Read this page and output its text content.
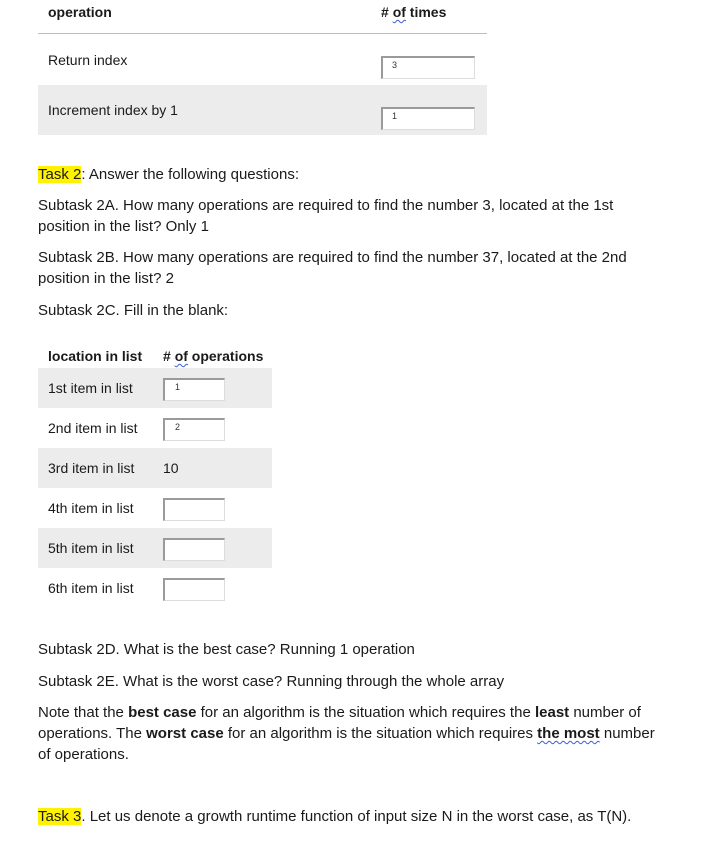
operation	# of times
Return index	3
Increment index by 1	1
Task 2: Answer the following questions:
Subtask 2A. How many operations are required to find the number 3, located at the 1st position in the list? Only 1
Subtask 2B. How many operations are required to find the number 37, located at the 2nd position in the list? 2
Subtask 2C. Fill in the blank:
location in list # of operations
1st item in list	1
2nd item in list	2
3rd item in list 10
4th item in list
5th item in list
6th item in list
Subtask 2D. What is the best case? Running 1 operation
Subtask 2E. What is the worst case? Running through the whole array
Note that the best case for an algorithm is the situation which requires the least number of operations. The worst case for an algorithm is the situation which requires the most number of operations.
Task 3. Let us denote a growth runtime function of input size N in the worst case, as T(N).
